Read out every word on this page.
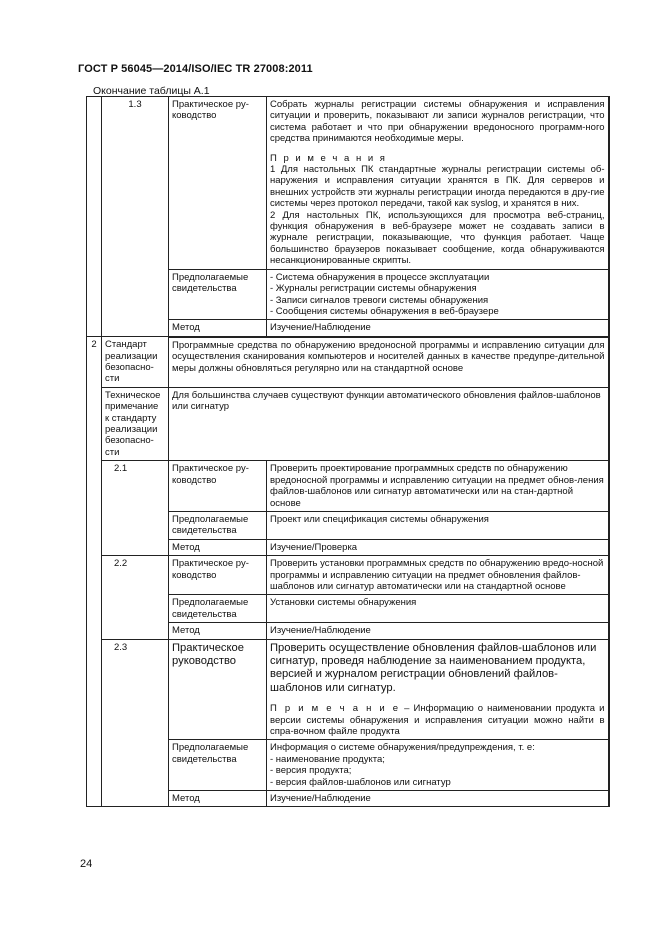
ГОСТ Р 56045—2014/ISO/IEC TR 27008:2011
Окончание таблицы А.1
	1.3	Практическое ру-ководство	Собрать журналы регистрации системы обнаружения и исправления ситуации и проверить, показывают ли записи журналов регистрации, что система работает и что при обнаружении вредоносного программ-ного средства принимаются необходимые меры.

П р и м е ч а н и я

1 Для настольных ПК стандартные журналы регистрации системы об-наружения и исправления ситуации хранятся в ПК. Для серверов и внешних устройств эти журналы регистрации иногда передаются в дру-гие системы через протокол передачи, такой как syslog, и хранятся в них.

2 Для настольных ПК, использующихся для просмотра веб-страниц, функция обнаружения в веб-браузере может не создавать записи в журнале регистрации, показывающие, что функция работает. Чаще большинство браузеров показывает сообщение, когда обнаруживаются несанкционированные скрипты.

		Предполагаемые свидетельства	- Система обнаружения в процессе эксплуатации

- Журналы регистрации системы обнаружения

- Записи сигналов тревоги системы обнаружения

- Сообщения системы обнаружения в веб-браузере

		Метод	Изучение/Наблюдение
2	Стандарт реализации безопасно-сти	Программные средства по обнаружению вредоносной программы и исправлению ситуации для осуществления сканирования компьютеров и носителей данных в качестве предупре-дительной меры должны обновляться регулярно или на стандартной основе	
	Техническое примечание к стандарту реализации безопасно-сти	Для большинства случаев существуют функции автоматического обновления файлов-шаблонов или сигнатур	
	2.1	Практическое ру-ководство	Проверить проектирование программных средств по обнаружению вредоносной программы и исправлению ситуации на предмет обнов-ления файлов-шаблонов или сигнатур автоматически или на стан-дартной основе
		Предполагаемые свидетельства	Проект или спецификация системы обнаружения
		Метод	Изучение/Проверка
	2.2	Практическое ру-ководство	Проверить установки программных средств по обнаружению вредо-носной программы и исправлению ситуации на предмет обновления файлов-шаблонов или сигнатур автоматически или на стандартной основе
		Предполагаемые свидетельства	Установки системы обнаружения
		Метод	Изучение/Наблюдение
	2.3	Практическое руководство	Проверить осуществление обновления файлов-шаблонов или сигнатур, проведя наблюдение за наименованием продукта, версией и журналом регистрации обновлений файлов-шаблонов или сигнатур.

П р и м е ч а н и е – Информацию о наименовании продукта и версии системы обнаружения и исправления ситуации можно найти в спра-вочном файле продукта

		Предполагаемые свидетельства	Информация о системе обнаружения/предупреждения, т. е:

- наименование продукта;

- версия продукта;

- версия файлов-шаблонов или сигнатур

		Метод	Изучение/Наблюдение
24
